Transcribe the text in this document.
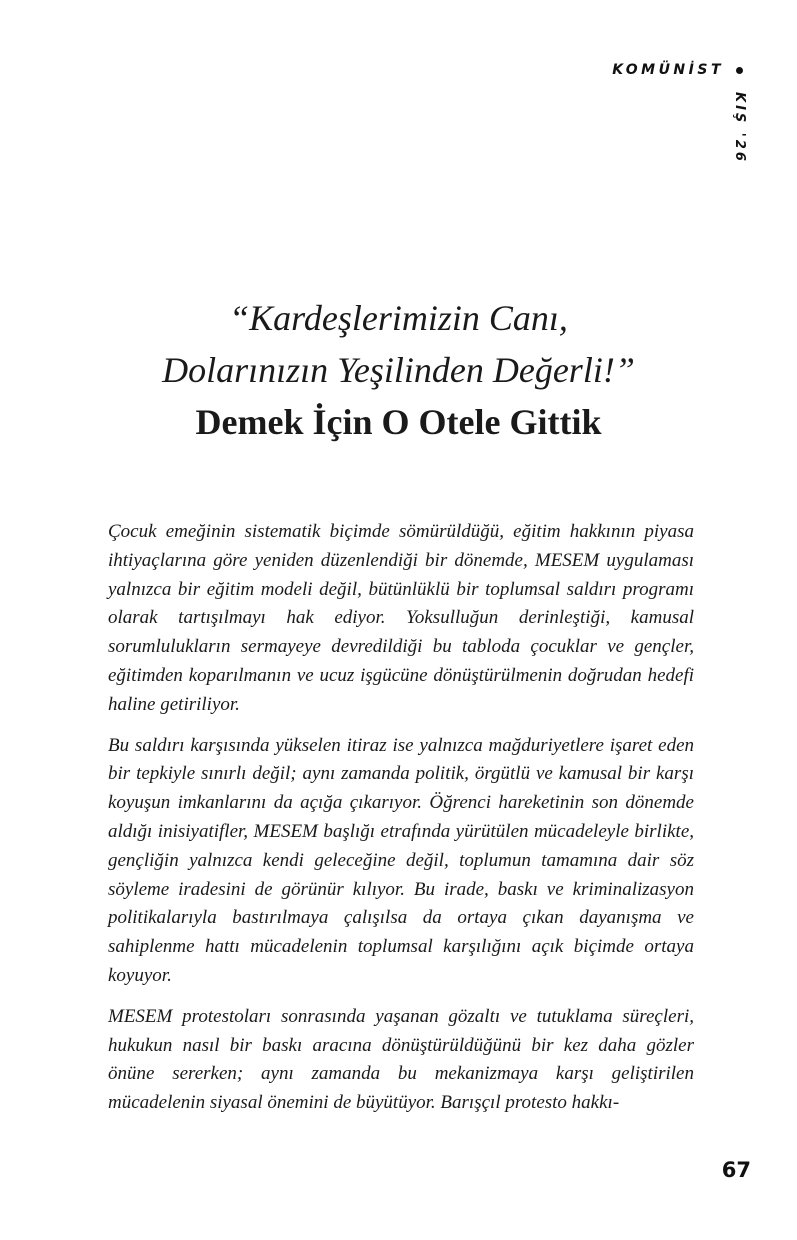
KOMÜNİST
KIŞ '26
“Kardeşlerimizin Canı,
Dolarınızın Yeşilinden Değerli!”
Demek İçin O Otele Gittik

Çocuk emeğinin sistematik biçimde sömürüldüğü, eğitim hakkının piyasa ihtiyaçlarına göre yeniden düzenlendiği bir dönemde, MESEM uygulaması yalnızca bir eğitim modeli değil, bütünlüklü bir toplumsal saldırı programı olarak tartışılmayı hak ediyor. Yoksulluğun derinleştiği, kamusal sorumlulukların sermayeye devredildiği bu tabloda çocuklar ve gençler, eğitimden koparılmanın ve ucuz işgücüne dönüştürülmenin doğrudan hedefi haline getiriliyor.

Bu saldırı karşısında yükselen itiraz ise yalnızca mağduriyetlere işaret eden bir tepkiyle sınırlı değil; aynı zamanda politik, örgütlü ve kamusal bir karşı koyuşun imkanlarını da açığa çıkarıyor. Öğrenci hareketinin son dönemde aldığı inisiyatifler, MESEM başlığı etrafında yürütülen mücadeleyle birlikte, gençliğin yalnızca kendi geleceğine değil, toplumun tamamına dair söz söyleme iradesini de görünür kılıyor. Bu irade, baskı ve kriminalizasyon politikalarıyla bastırılmaya çalışılsa da ortaya çıkan dayanışma ve sahiplenme hattı mücadelenin toplumsal karşılığını açık biçimde ortaya koyuyor.

MESEM protestoları sonrasında yaşanan gözaltı ve tutuklama süreçleri, hukukun nasıl bir baskı aracına dönüştürüldüğünü bir kez daha gözler önüne sererken; aynı zamanda bu mekanizmaya karşı geliştirilen mücadelenin siyasal önemini de büyütüyor. Barışçıl protesto hakkı-

67
